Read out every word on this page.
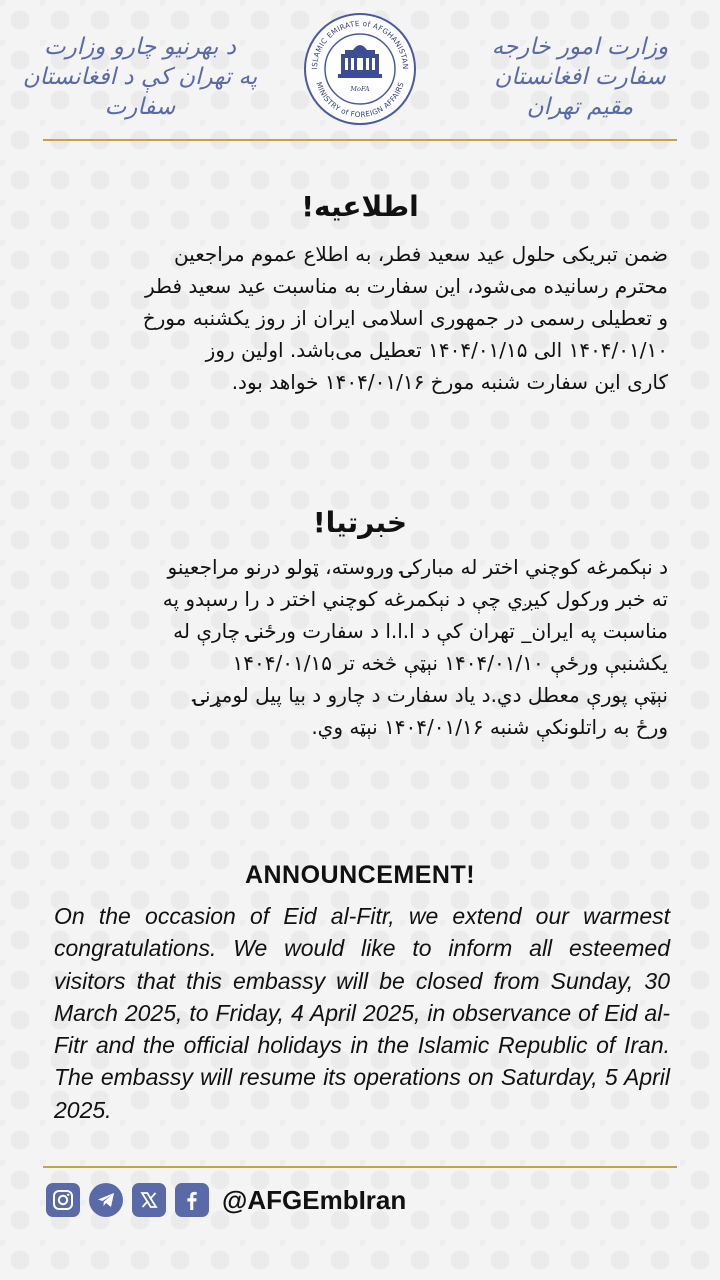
د بهرنیو چارو وزارت
په تهران کې د افغانستان
سفارت
ISLAMIC EMIRATE of AFGHANISTAN
MINISTRY of FOREIGN AFFAIRS
MoFA
وزارت امور خارجه
سفارت افغانستان
مقیم تهران
اطلاعیه!
ضمن تبریکی حلول عید سعید فطر، به اطلاع عموم مراجعین
محترم رسانیده می‌شود، این سفارت به مناسبت عید سعید فطر
و تعطیلی رسمی در جمهوری اسلامی ایران از روز یکشنبه مورخ
۱۴۰۴/۰۱/۱۰ الی ۱۴۰۴/۰۱/۱۵ تعطیل می‌باشد. اولین روز
کاری این سفارت شنبه مورخ ۱۴۰۴/۰۱/۱۶ خواهد بود.
خبرتیا!
د نېکمرغه کوچني اختر له مبارکۍ وروسته، ټولو درنو مراجعینو
ته خبر ورکول کیږي چې د نېکمرغه کوچني اختر د را رسېدو په
مناسبت په ایران_ تهران کې د ا.ا.ا د سفارت ورځنۍ چارې له
یکشنبې ورځې ۱۴۰۴/۰۱/۱۰ نېټې څخه تر ۱۴۰۴/۰۱/۱۵
نېټې پورې معطل دي.د یاد سفارت د چارو د بیا پیل لومړنۍ
ورځ به راتلونکې شنبه ۱۴۰۴/۰۱/۱۶ نېټه وي.
ANNOUNCEMENT!
On the occasion of Eid al-Fitr, we extend our warmest congratulations. We would like to inform all esteemed visitors that this embassy will be closed from Sunday, 30 March 2025, to Friday, 4 April 2025, in observance of Eid al-Fitr and the official holidays in the Islamic Republic of Iran. The embassy will resume its operations on Saturday, 5 April 2025.
@AFGEmbIran
